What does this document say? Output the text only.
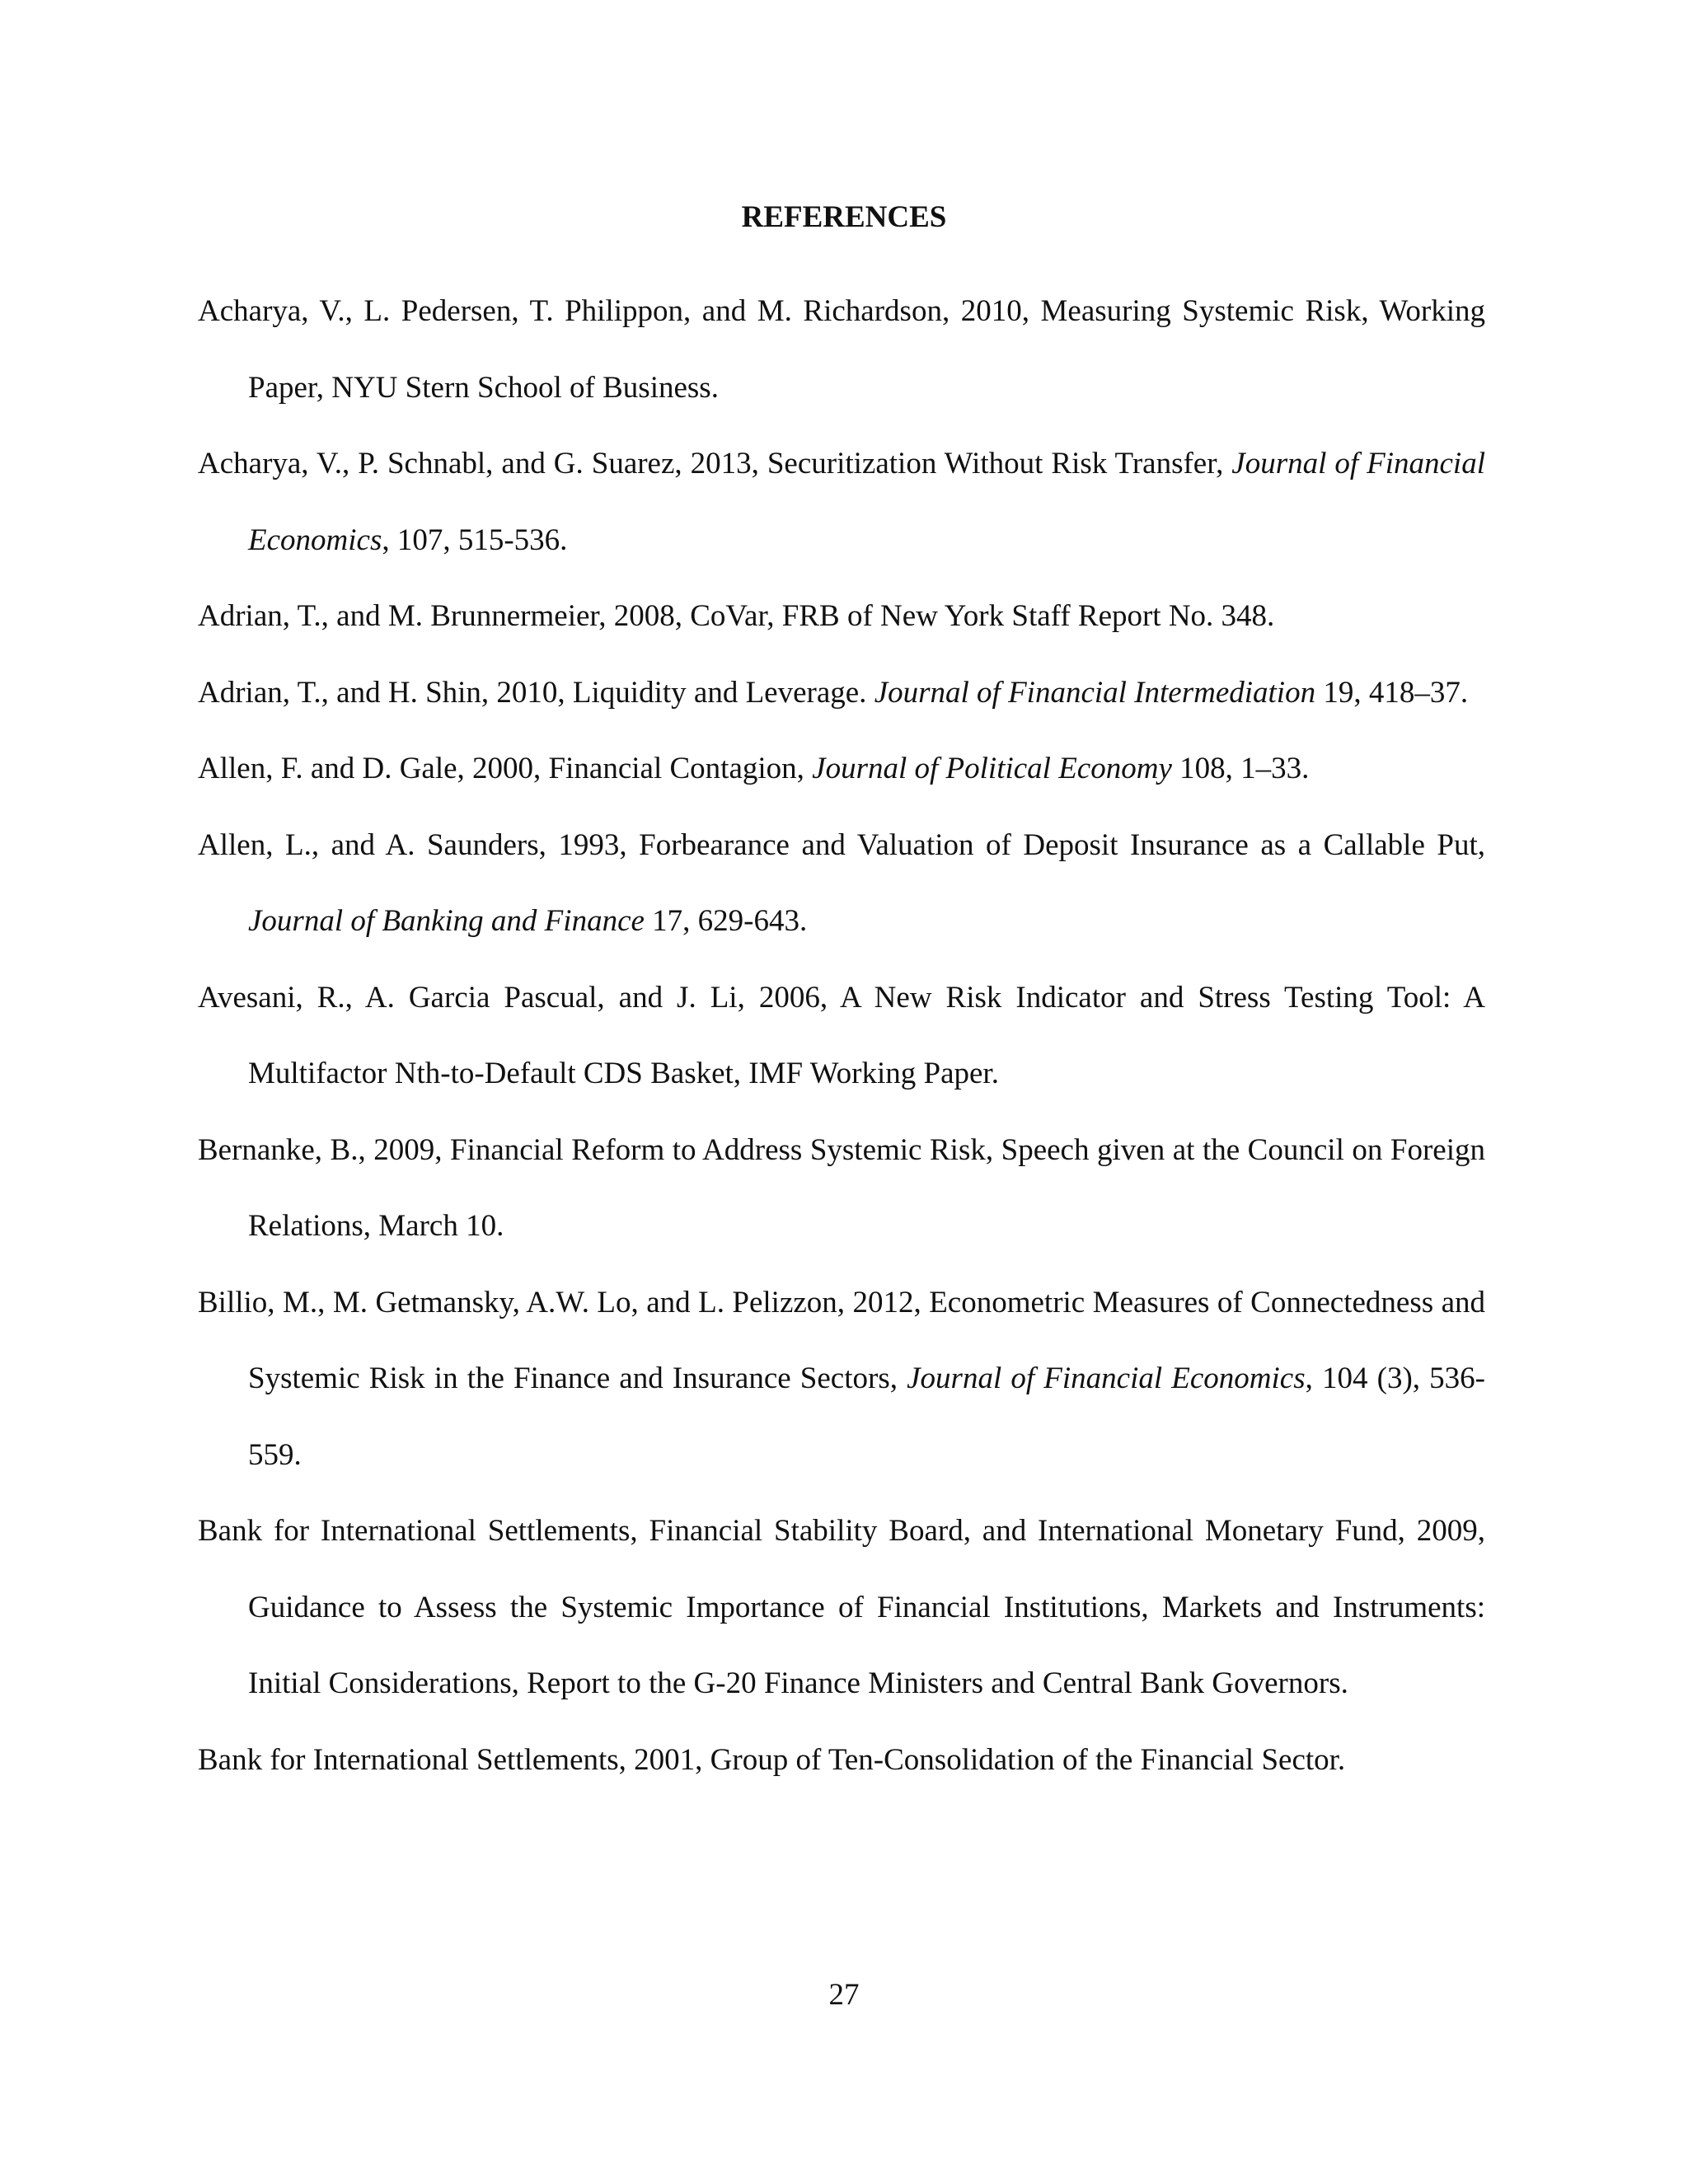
REFERENCES

Acharya, V., L. Pedersen, T. Philippon, and M. Richardson, 2010, Measuring Systemic Risk, Working Paper, NYU Stern School of Business.

Acharya, V., P. Schnabl, and G. Suarez, 2013, Securitization Without Risk Transfer, Journal of Financial Economics, 107, 515-536.

Adrian, T., and M. Brunnermeier, 2008, CoVar, FRB of New York Staff Report No. 348.

Adrian, T., and H. Shin, 2010, Liquidity and Leverage. Journal of Financial Intermediation 19, 418–37.

Allen, F. and D. Gale, 2000, Financial Contagion, Journal of Political Economy 108, 1–33.

Allen, L., and A. Saunders, 1993, Forbearance and Valuation of Deposit Insurance as a Callable Put, Journal of Banking and Finance 17, 629-643.

Avesani, R., A. Garcia Pascual, and J. Li, 2006, A New Risk Indicator and Stress Testing Tool: A Multifactor Nth-to-Default CDS Basket, IMF Working Paper.

Bernanke, B., 2009, Financial Reform to Address Systemic Risk, Speech given at the Council on Foreign Relations, March 10.

Billio, M., M. Getmansky, A.W. Lo, and L. Pelizzon, 2012, Econometric Measures of Connectedness and Systemic Risk in the Finance and Insurance Sectors, Journal of Financial Economics, 104 (3), 536-559.

Bank for International Settlements, Financial Stability Board, and International Monetary Fund, 2009, Guidance to Assess the Systemic Importance of Financial Institutions, Markets and Instruments: Initial Considerations, Report to the G-20 Finance Ministers and Central Bank Governors.

Bank for International Settlements, 2001, Group of Ten-Consolidation of the Financial Sector.

27
